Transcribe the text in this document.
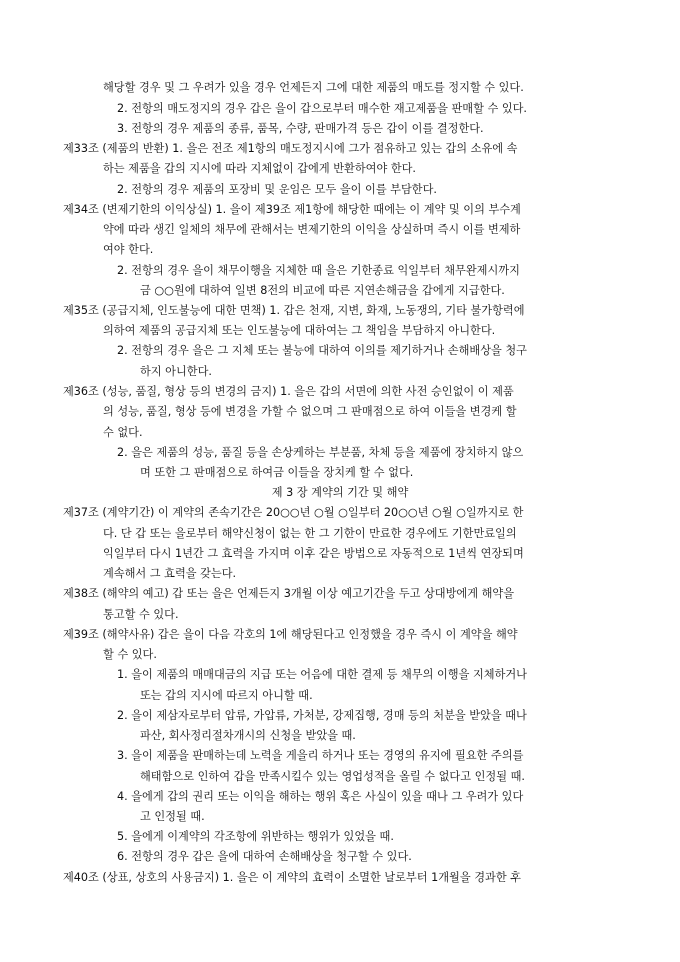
해당할 경우 및 그 우려가 있을 경우 언제든지 그에 대한 제품의 매도를 정지할 수 있다.
2. 전항의 매도정지의 경우 갑은 을이 갑으로부터 매수한 재고제품을 판매할 수 있다.
3. 전항의 경우 제품의 종류, 품목, 수량, 판매가격 등은 갑이 이를 결정한다.
제33조 (제품의 반환) 1. 을은 전조 제1항의 매도정지시에 그가 점유하고 있는 갑의 소유에 속
하는 제품을 갑의 지시에 따라 지체없이 갑에게 반환하여야 한다.
2. 전항의 경우 제품의 포장비 및 운임은 모두 을이 이를 부담한다.
제34조 (변제기한의 이익상실) 1. 을이 제39조 제1항에 해당한 때에는 이 계약 및 이의 부수계
약에 따라 생긴 일체의 채무에 관해서는 변제기한의 이익을 상실하며 즉시 이를 변제하
여야 한다.
2. 전항의 경우 을이 채무이행을 지체한 때 을은 기한종료 익일부터 채무완제시까지
금 ○○원에 대하여 일변 8전의 비교에 따른 지연손해금을 갑에게 지급한다.
제35조 (공급지체, 인도불능에 대한 면책) 1. 갑은 천재, 지변, 화재, 노동쟁의, 기타 불가항력에
의하여 제품의 공급지체 또는 인도불능에 대하여는 그 책임을 부담하지 아니한다.
2. 전항의 경우 을은 그 지체 또는 불능에 대하여 이의를 제기하거나 손해배상을 청구
하지 아니한다.
제36조 (성능, 품질, 형상 등의 변경의 금지) 1. 을은 갑의 서면에 의한 사전 승인없이 이 제품
의 성능, 품질, 형상 등에 변경을 가할 수 없으며 그 판매점으로 하여 이들을 변경케 할
수 없다.
2. 을은 제품의 성능, 품질 등을 손상케하는 부분품, 차체 등을 제품에 장치하지 않으
며 또한 그 판매점으로 하여금 이들을 장치케 할 수 없다.
제 3 장 계약의 기간 및 해약
제37조 (계약기간) 이 계약의 존속기간은 20○○년 ○월 ○일부터 20○○년 ○월 ○일까지로 한
다. 단 갑 또는 을로부터 해약신청이 없는 한 그 기한이 만료한 경우에도 기한만료일의
익일부터 다시 1년간 그 효력을 가지며 이후 같은 방법으로 자동적으로 1년씩 연장되며
계속해서 그 효력을 갖는다.
제38조 (해약의 예고) 갑 또는 을은 언제든지 3개월 이상 예고기간을 두고 상대방에게 해약을
통고할 수 있다.
제39조 (해약사유) 갑은 을이 다음 각호의 1에 해당된다고 인정했을 경우 즉시 이 계약을 해약
할 수 있다.
1. 을이 제품의 매매대금의 지급 또는 어음에 대한 결제 등 채무의 이행을 지체하거나
또는 갑의 지시에 따르지 아니할 때.
2. 을이 제삼자로부터 압류, 가압류, 가처분, 강제집행, 경매 등의 처분을 받았을 때나
파산, 회사정리절차개시의 신청을 받았을 때.
3. 을이 제품을 판매하는데 노력을 게을리 하거나 또는 경영의 유지에 필요한 주의를
해태함으로 인하여 갑을 만족시킬수 있는 영업성적을 올릴 수 없다고 인정될 때.
4. 을에게 갑의 권리 또는 이익을 해하는 행위 혹은 사실이 있을 때나 그 우려가 있다
고 인정될 때.
5. 을에게 이계약의 각조항에 위반하는 행위가 있었을 때.
6. 전항의 경우 갑은 을에 대하여 손해배상을 청구할 수 있다.
제40조 (상표, 상호의 사용금지) 1. 을은 이 계약의 효력이 소멸한 날로부터 1개월을 경과한 후
